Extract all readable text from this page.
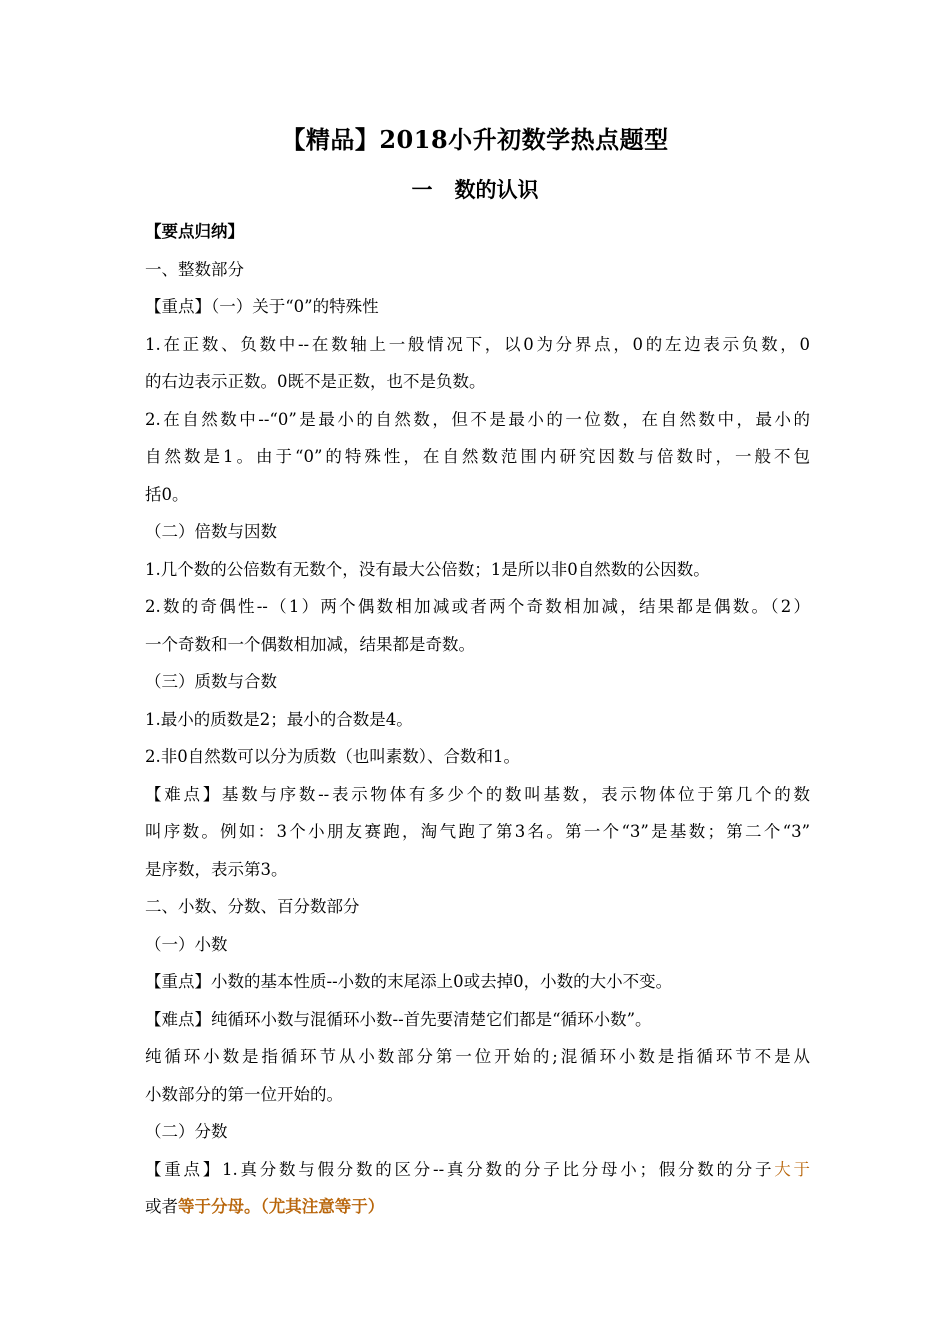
【精品】2018小升初数学热点题型
一 数的认识
【要点归纳】
一、整数部分
【重点】（一）关于“0”的特殊性
1.在正数、负数中--在数轴上一般情况下，以0为分界点，0的左边表示负数，0
的右边表示正数。0既不是正数，也不是负数。
2.在自然数中--“0”是最小的自然数，但不是最小的一位数，在自然数中，最小的
自然数是1。由于“0”的特殊性，在自然数范围内研究因数与倍数时，一般不包
括0。
（二）倍数与因数
1.几个数的公倍数有无数个，没有最大公倍数；1是所以非0自然数的公因数。
2.数的奇偶性--（1）两个偶数相加减或者两个奇数相加减，结果都是偶数。（2）
一个奇数和一个偶数相加减，结果都是奇数。
（三）质数与合数
1.最小的质数是2；最小的合数是4。
2.非0自然数可以分为质数（也叫素数）、合数和1。
【难点】基数与序数--表示物体有多少个的数叫基数，表示物体位于第几个的数
叫序数。例如：3个小朋友赛跑，淘气跑了第3名。第一个“3”是基数；第二个“3”
是序数，表示第3。
二、小数、分数、百分数部分
（一）小数
【重点】小数的基本性质--小数的末尾添上0或去掉0，小数的大小不变。
【难点】纯循环小数与混循环小数--首先要清楚它们都是“循环小数”。
纯循环小数是指循环节从小数部分第一位开始的;混循环小数是指循环节不是从
小数部分的第一位开始的。
（二）分数
【重点】1.真分数与假分数的区分--真分数的分子比分母小；假分数的分子大于
或者等于分母。（尤其注意等于）
